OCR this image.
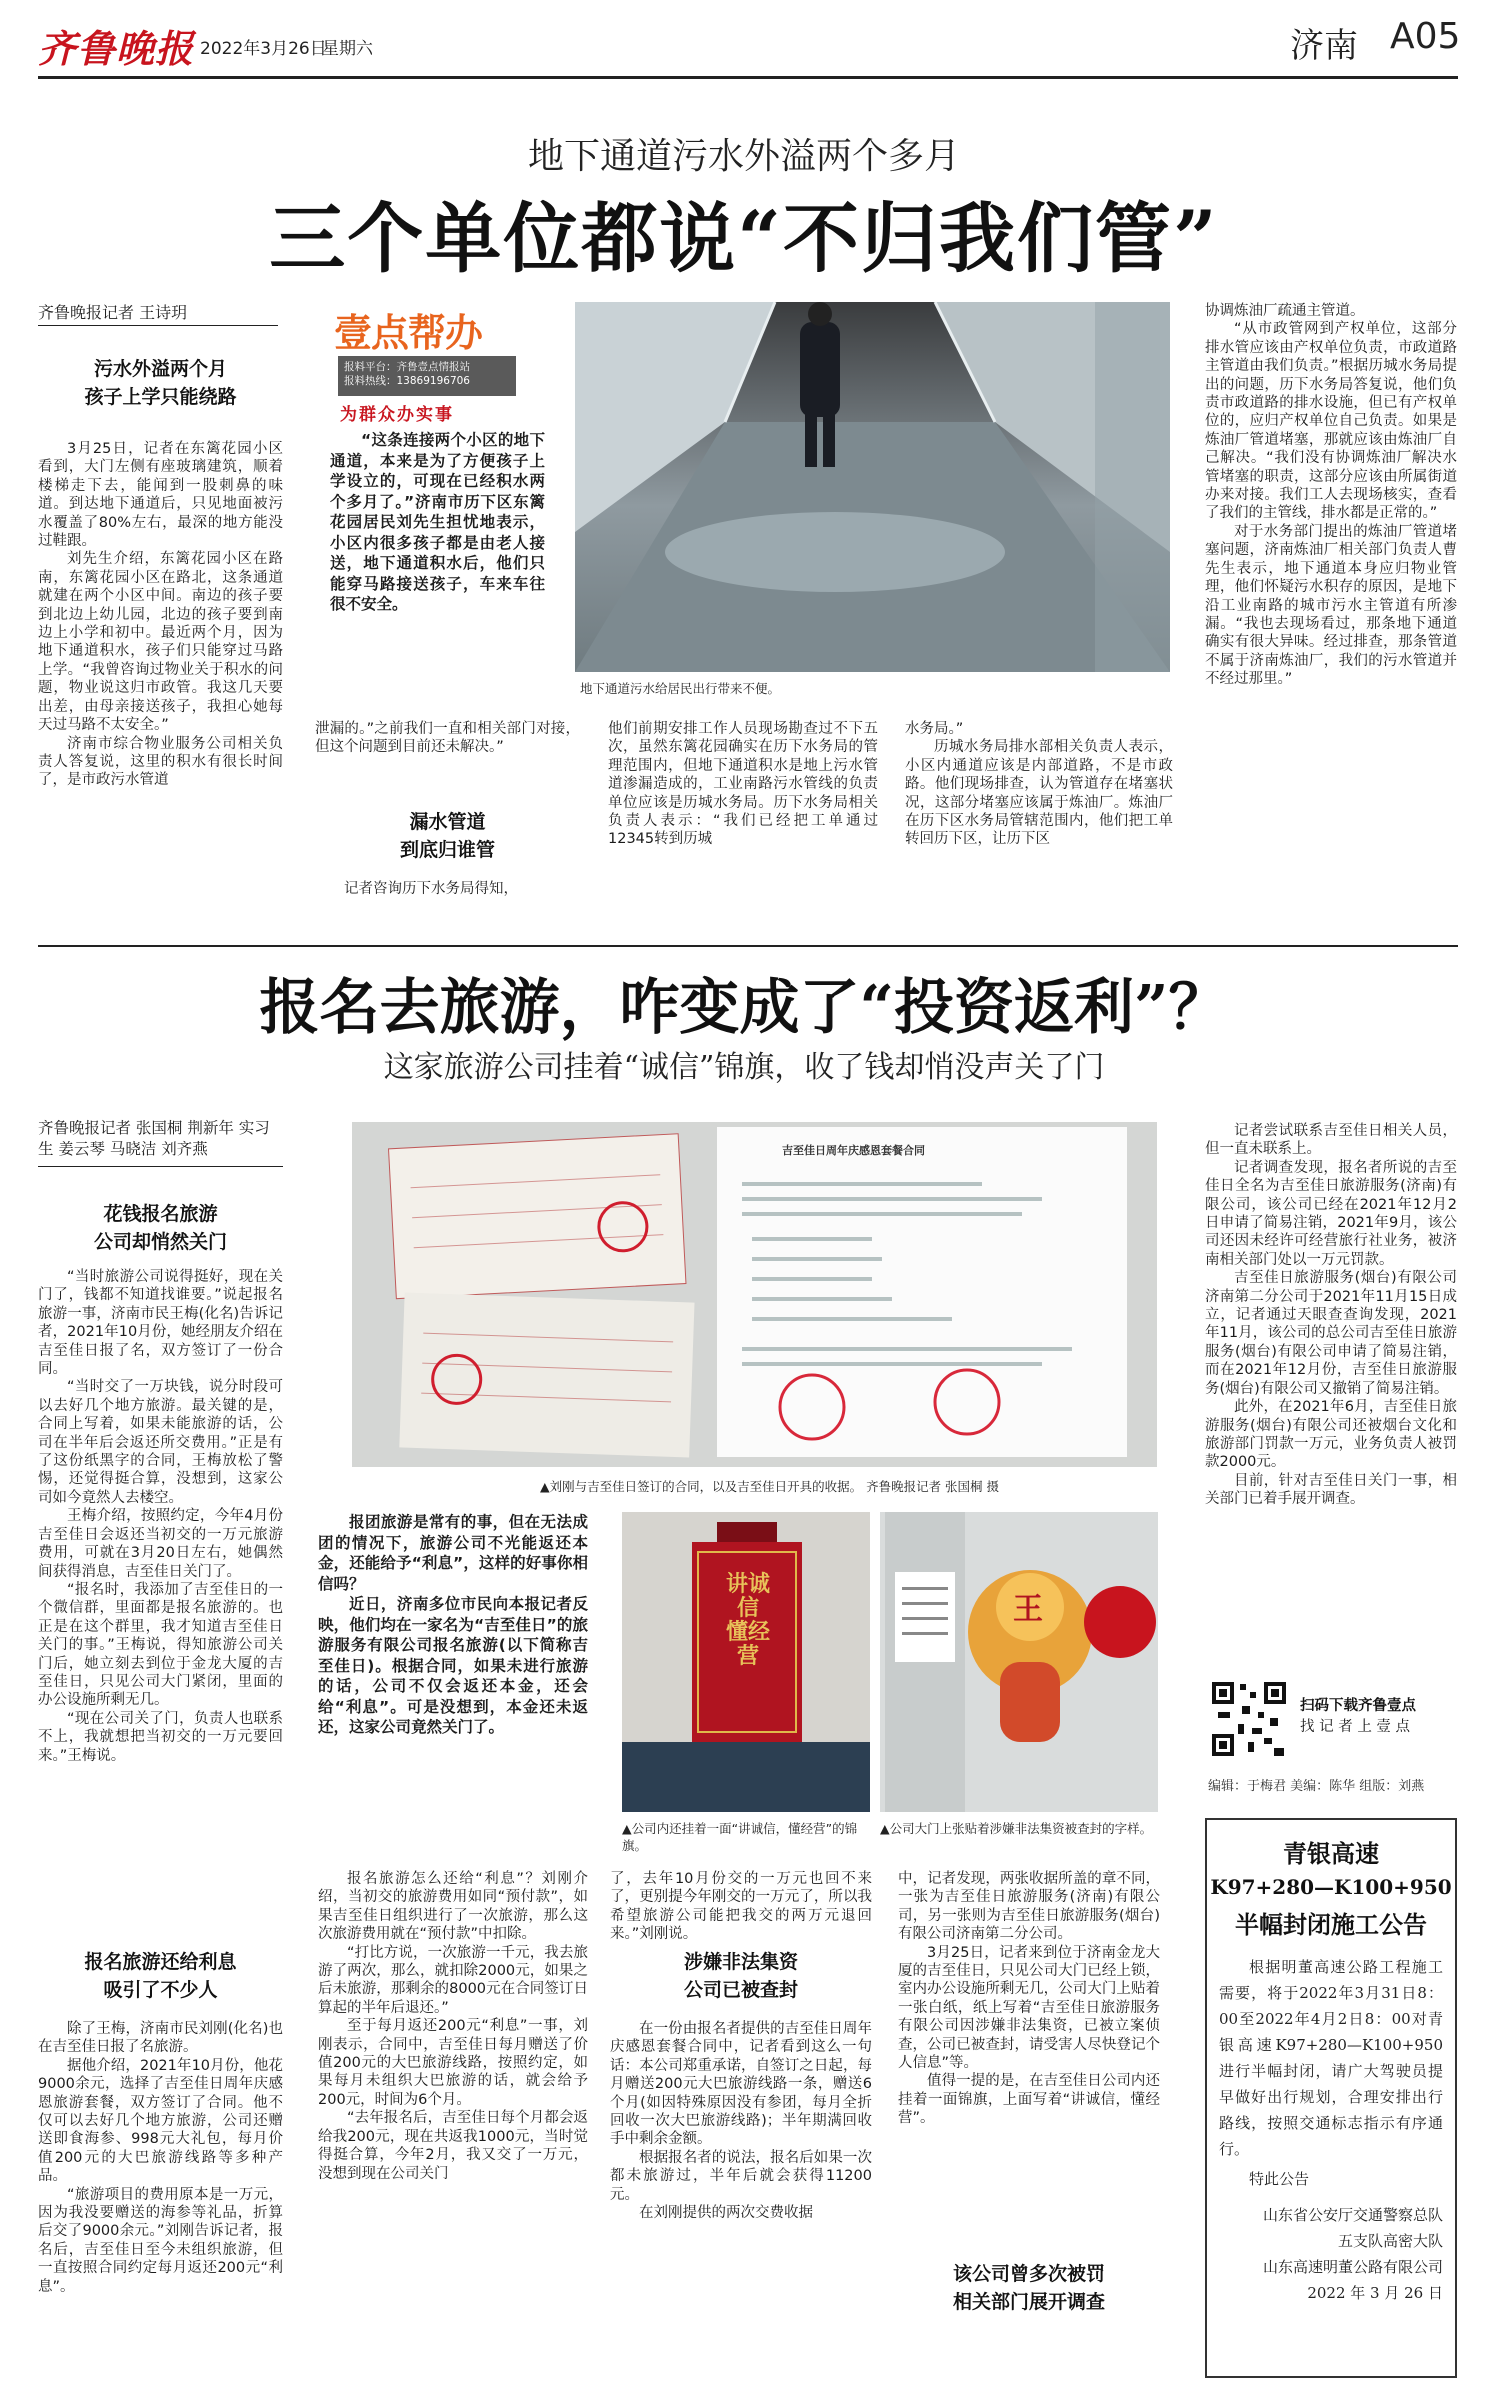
齐鲁晚报 2022年3月26日
星期六	济南 A05
地下通道污水外溢两个多月
三个单位都说“不归我们管”
齐鲁晚报记者 王诗玥

污水外溢两个月

孩子上学只能绕路

3月25日，记者在东篱花园小区看到，大门左侧有座玻璃建筑，顺着楼梯走下去，能闻到一股刺鼻的味道。到达地下通道后，只见地面被污水覆盖了80%左右，最深的地方能没过鞋跟。

刘先生介绍，东篱花园小区在路南，东篱花园小区在路北，这条通道就建在两个小区中间。南边的孩子要到北边上幼儿园，北边的孩子要到南边上小学和初中。最近两个月，因为地下通道积水，孩子们只能穿过马路上学。“我曾咨询过物业关于积水的问题，物业说这归市政管。我这几天要出差，由母亲接送孩子，我担心她每天过马路不太安全。”

济南市综合物业服务公司相关负责人答复说，这里的积水有很长时间了，是市政污水管道

壹点帮办
报料平台：齐鲁壹点情报站
报料热线：13869196706
为群众办实事

“这条连接两个小区的地下通道，本来是为了方便孩子上学设立的，可现在已经积水两个多月了。”济南市历下区东篱花园居民刘先生担忧地表示，小区内很多孩子都是由老人接送，地下通道积水后，他们只能穿马路接送孩子，车来车往很不安全。

地下通道污水给居民出行带来不便。

泄漏的。”之前我们一直和相关部门对接，但这个问题到目前还未解决。”

漏水管道

到底归谁管

记者咨询历下水务局得知，

他们前期安排工作人员现场勘查过不下五次，虽然东篱花园确实在历下水务局的管理范围内，但地下通道积水是地上污水管道渗漏造成的，工业南路污水管线的负责单位应该是历城水务局。历下水务局相关负责人表示：“我们已经把工单通过12345转到历城

水务局。”

历城水务局排水部相关负责人表示，小区内通道应该是内部道路，不是市政路。他们现场排查，认为管道存在堵塞状况，这部分堵塞应该属于炼油厂。炼油厂在历下区水务局管辖范围内，他们把工单转回历下区，让历下区

协调炼油厂疏通主管道。

“从市政管网到产权单位，这部分排水管应该由产权单位负责，市政道路主管道由我们负责。”根据历城水务局提出的问题，历下水务局答复说，他们负责市政道路的排水设施，但已有产权单位的，应归产权单位自己负责。如果是炼油厂管道堵塞，那就应该由炼油厂自己解决。“我们没有协调炼油厂解决水管堵塞的职责，这部分应该由所属街道办来对接。我们工人去现场核实，查看了我们的主管线，排水都是正常的。”

对于水务部门提出的炼油厂管道堵塞问题，济南炼油厂相关部门负责人曹先生表示，地下通道本身应归物业管理，他们怀疑污水积存的原因，是地下沿工业南路的城市污水主管道有所渗漏。“我也去现场看过，那条地下通道确实有很大异味。经过排查，那条管道不属于济南炼油厂，我们的污水管道并不经过那里。”

报名去旅游，咋变成了“投资返利”？
这家旅游公司挂着“诚信”锦旗，收了钱却悄没声关了门
齐鲁晚报记者 张国桐 荆新年 实习生 姜云琴 马晓洁 刘齐燕

花钱报名旅游

公司却悄然关门

“当时旅游公司说得挺好，现在关门了，钱都不知道找谁要。”说起报名旅游一事，济南市民王梅(化名)告诉记者，2021年10月份，她经朋友介绍在吉至佳日报了名，双方签订了一份合同。

“当时交了一万块钱，说分时段可以去好几个地方旅游。最关键的是，合同上写着，如果未能旅游的话，公司在半年后会返还所交费用。”正是有了这份纸黑字的合同，王梅放松了警惕，还觉得挺合算，没想到，这家公司如今竟然人去楼空。

王梅介绍，按照约定，今年4月份吉至佳日会返还当初交的一万元旅游费用，可就在3月20日左右，她偶然间获得消息，吉至佳日关门了。

“报名时，我添加了吉至佳日的一个微信群，里面都是报名旅游的。也正是在这个群里，我才知道吉至佳日关门的事。”王梅说，得知旅游公司关门后，她立刻去到位于金龙大厦的吉至佳日，只见公司大门紧闭，里面的办公设施所剩无几。

“现在公司关了门，负责人也联系不上，我就想把当初交的一万元要回来。”王梅说。

报名旅游还给利息

吸引了不少人

除了王梅，济南市民刘刚(化名)也在吉至佳日报了名旅游。

据他介绍，2021年10月份，他花9000余元，选择了吉至佳日周年庆感恩旅游套餐，双方签订了合同。他不仅可以去好几个地方旅游，公司还赠送即食海参、998元大礼包，每月价值200元的大巴旅游线路等多种产品。

“旅游项目的费用原本是一万元，因为我没要赠送的海参等礼品，折算后交了9000余元。”刘刚告诉记者，报名后，吉至佳日至今未组织旅游，但一直按照合同约定每月返还200元“利息”。

吉至佳日周年庆感恩套餐合同
▲刘刚与吉至佳日签订的合同，以及吉至佳日开具的收据。 齐鲁晚报记者 张国桐 摄

报团旅游是常有的事，但在无法成团的情况下，旅游公司不光能返还本金，还能给予“利息”，这样的好事你相信吗？

近日，济南多位市民向本报记者反映，他们均在一家名为“吉至佳日”的旅游服务有限公司报名旅游(以下简称吉至佳日)。根据合同，如果未进行旅游的话，公司不仅会返还本金，还会给“利息”。可是没想到，本金还未返还，这家公司竟然关门了。

讲诚信
懂经营
▲公司内还挂着一面“讲诚信，懂经营”的锦旗。
王
▲公司大门上张贴着涉嫌非法集资被查封的字样。

报名旅游怎么还给“利息”？刘刚介绍，当初交的旅游费用如同“预付款”，如果吉至佳日组织进行了一次旅游，那么这次旅游费用就在“预付款”中扣除。

“打比方说，一次旅游一千元，我去旅游了两次，那么，就扣除2000元，如果之后未旅游，那剩余的8000元在合同签订日算起的半年后退还。”

至于每月返还200元“利息”一事，刘刚表示，合同中，吉至佳日每月赠送了价值200元的大巴旅游线路，按照约定，如果每月未组织大巴旅游的话，就会给予200元，时间为6个月。

“去年报名后，吉至佳日每个月都会返给我200元，现在共返我1000元，当时觉得挺合算，今年2月，我又交了一万元，没想到现在公司关门

了，去年10月份交的一万元也回不来了，更别提今年刚交的一万元了，所以我希望旅游公司能把我交的两万元退回来。”刘刚说。

涉嫌非法集资

公司已被查封

在一份由报名者提供的吉至佳日周年庆感恩套餐合同中，记者看到这么一句话：本公司郑重承诺，自签订之日起，每月赠送200元大巴旅游线路一条，赠送6个月(如因特殊原因没有参团，每月全折回收一次大巴旅游线路)；半年期满回收手中剩余金额。

根据报名者的说法，报名后如果一次都未旅游过，半年后就会获得11200元。

在刘刚提供的两次交费收据

中，记者发现，两张收据所盖的章不同，一张为吉至佳日旅游服务(济南)有限公司，另一张则为吉至佳日旅游服务(烟台)有限公司济南第二分公司。

3月25日，记者来到位于济南金龙大厦的吉至佳日，只见公司大门已经上锁，室内办公设施所剩无几，公司大门上贴着一张白纸，纸上写着“吉至佳日旅游服务有限公司因涉嫌非法集资，已被立案侦查，公司已被查封，请受害人尽快登记个人信息”等。

值得一提的是，在吉至佳日公司内还挂着一面锦旗，上面写着“讲诚信，懂经营”。

该公司曾多次被罚

相关部门展开调查

记者尝试联系吉至佳日相关人员，但一直未联系上。

记者调查发现，报名者所说的吉至佳日全名为吉至佳日旅游服务(济南)有限公司，该公司已经在2021年12月2日申请了简易注销，2021年9月，该公司还因未经许可经营旅行社业务，被济南相关部门处以一万元罚款。

吉至佳日旅游服务(烟台)有限公司济南第二分公司于2021年11月15日成立，记者通过天眼查查询发现，2021年11月，该公司的总公司吉至佳日旅游服务(烟台)有限公司申请了简易注销，而在2021年12月份，吉至佳日旅游服务(烟台)有限公司又撤销了简易注销。

此外，在2021年6月，吉至佳日旅游服务(烟台)有限公司还被烟台文化和旅游部门罚款一万元，业务负责人被罚款2000元。

目前，针对吉至佳日关门一事，相关部门已着手展开调查。

扫码下载齐鲁壹点
找 记 者 上 壹 点
编辑：于梅君 美编：陈华 组版：刘燕
青银高速
K97+280—K100+950
半幅封闭施工公告
根据明董高速公路工程施工需要，将于2022年3月31日8：00至2022年4月2日8：00对青银高速K97+280—K100+950进行半幅封闭，请广大驾驶员提早做好出行规划，合理安排出行路线，按照交通标志指示有序通行。
特此公告
山东省公安厅交通警察总队
五支队高密大队
山东高速明董公路有限公司
2022 年 3 月 26 日
